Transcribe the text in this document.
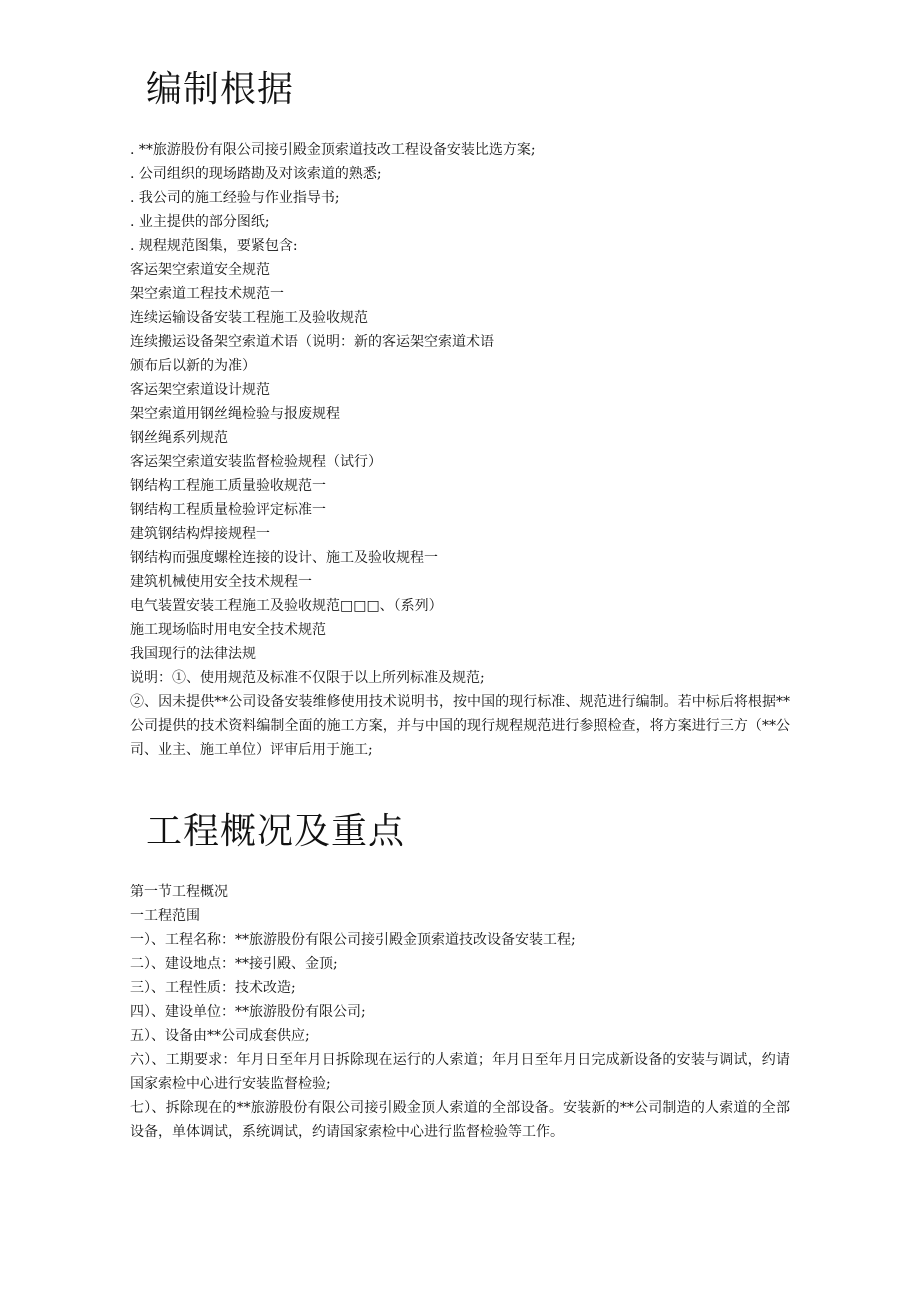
编制根据
. **旅游股份有限公司接引殿金顶索道技改工程设备安装比选方案;
. 公司组织的现场踏勘及对该索道的熟悉;
. 我公司的施工经验与作业指导书;
. 业主提供的部分图纸;
. 规程规范图集，要紧包含:
客运架空索道安全规范
架空索道工程技术规范一
连续运输设备安装工程施工及验收规范
连续搬运设备架空索道术语（说明：新的客运架空索道术语
颁布后以新的为准）
客运架空索道设计规范
架空索道用钢丝绳检验与报废规程
钢丝绳系列规范
客运架空索道安装监督检验规程（试行）
钢结构工程施工质量验收规范一
钢结构工程质量检验评定标准一
建筑钢结构焊接规程一
钢结构而强度螺栓连接的设计、施工及验收规程一
建筑机械使用安全技术规程一
电气装置安装工程施工及验收规范□□□、（系列）
施工现场临时用电安全技术规范
我国现行的法律法规
说明：①、使用规范及标准不仅限于以上所列标准及规范;
②、因未提供**公司设备安装维修使用技术说明书，按中国的现行标准、规范进行编制。若中标后将根据**公司提供的技术资料编制全面的施工方案，并与中国的现行规程规范进行参照检查，将方案进行三方（**公司、业主、施工单位）评审后用于施工;
工程概况及重点
第一节工程概况
一工程范围
一）、工程名称：**旅游股份有限公司接引殿金顶索道技改设备安装工程;
二）、建设地点：**接引殿、金顶;
三）、工程性质：技术改造;
四）、建设单位：**旅游股份有限公司;
五）、设备由**公司成套供应;
六）、工期要求：年月日至年月日拆除现在运行的人索道；年月日至年月日完成新设备的安装与调试，约请国家索检中心进行安装监督检验;
七）、拆除现在的**旅游股份有限公司接引殿金顶人索道的全部设备。安装新的**公司制造的人索道的全部设备，单体调试，系统调试，约请国家索检中心进行监督检验等工作。
